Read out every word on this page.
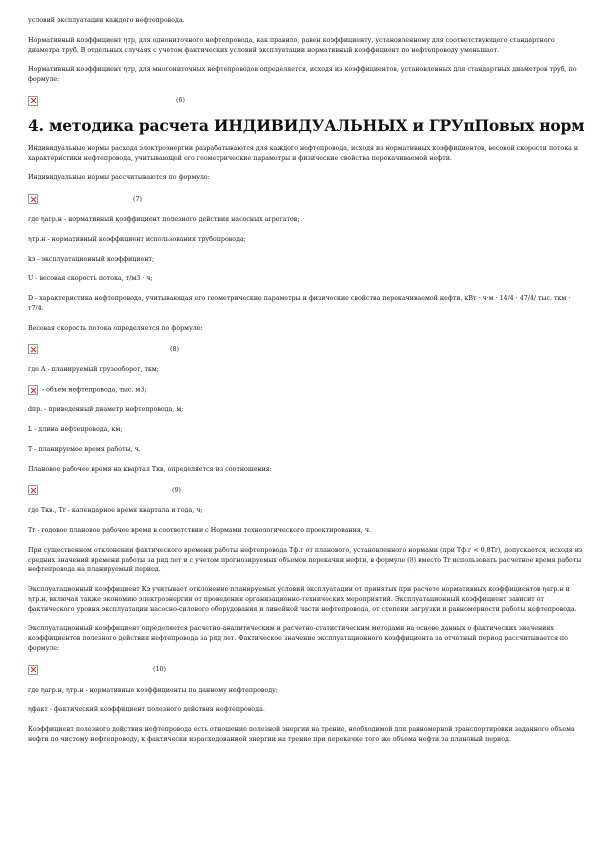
условий эксплуатации каждого нефтепровода.

Нормативный коэффициент ηтр, для однониточного нефтепровода, как правило, равен коэффициенту, установленному для соответствующего стандартного диаметра труб. В отдельных случаях с учетом фактических условий эксплуатации нормативный коэффициент по нефтепроводу уменьшает.

Нормативный коэффициент ηтр, для многониточных нефтепроводов определяется, исходя из коэффициентов, установленных для стандартных диаметров труб, по формуле:

(6)
4. методика расчета ИНДИВИДУАЛЬНЫХ и ГРУпПовых норм

Индивидуальные нормы расхода электроэнергии разрабатываются для каждого нефтепровода, исходя из нормативных коэффициентов, весовой скорости потока и характеристики нефтепровода, учитывающей его геометрические параметры и физические свойства перекачиваемой нефти.

Индивидуальные нормы рассчитываются по формуле:

(7)

где ηагр.н - нормативный коэффициент полезного действия насосных агрегатов;

ηтр.н - нормативный коэффициент использования трубопровода;

kэ - эксплуатационный коэффициент;

U - весовая скорость потока, т/м3 · ч;

D - характеристика нефтепровода, учитывающая его геометрические параметры и физические свойства перекачиваемой нефти, кВт · ч·м · 14/4 · 47/4/ тыс. ткм · т7/4.

Весовая скорость потока определяется по формуле:

(8)

где A - планируемый грузооборот, ткм;

- объем нефтепровода, тыс. м3;

dпр. - приведенный диаметр нефтепровода, м;

L - длина нефтепровода, км;

T - планируемое время работы, ч.

Плановое рабочее время на квартал Tкв, определяется из соотношения:

(9)

где Tкв., Tr - календарное время квартала и года, ч;

Tr - годовое плановое рабочее время в соответствии с Нормами технологического проектирования, ч.

При существенном отклонении фактического времени работы нефтепровода Tф.г от планового, установленного нормами (при Tф.г < 0,8Tr), допускается, исходя из средних значений времени работы за ряд лет и с учетом прогнозируемых объемов перекачки нефти, в формуле (8) вместо Tr использовать расчетное время работы нефтепровода на планируемый период.

Эксплуатационный коэффициент Кэ учитывает отклонение планируемых условий эксплуатации от принятых при расчете нормативных коэффициентов ηагр.н и ηтр.н, включая также экономию электроэнергии от проведения организационно-технических мероприятий. Эксплуатационный коэффициент зависит от фактического уровня эксплуатации насосно-силового оборудования и линейной части нефтепровода, от степени загрузки и равномерности работы нефтепровода.

Эксплуатационный коэффициент определяется расчетно-аналитическим и расчетно-статистическим методами на основе данных о фактических значениях коэффициентов полезного действия нефтепровода за ряд лет. Фактическое значение эксплуатационного коэффициента за отчетный период рассчитывается по формуле:

(10)

где ηагр.н, ηтр.н - нормативные коэффициенты по данному нефтепроводу;

ηфакт - фактический коэффициент полезного действия нефтепровода.

Коэффициент полезного действия нефтепровода есть отношение полезной энергии на трение, необходимой для равномерной транспортировки заданного объема нефти по чистому нефтепроводу, к фактически израсходованной энергии на трение при перекачке того же объема нефти за плановый период.
